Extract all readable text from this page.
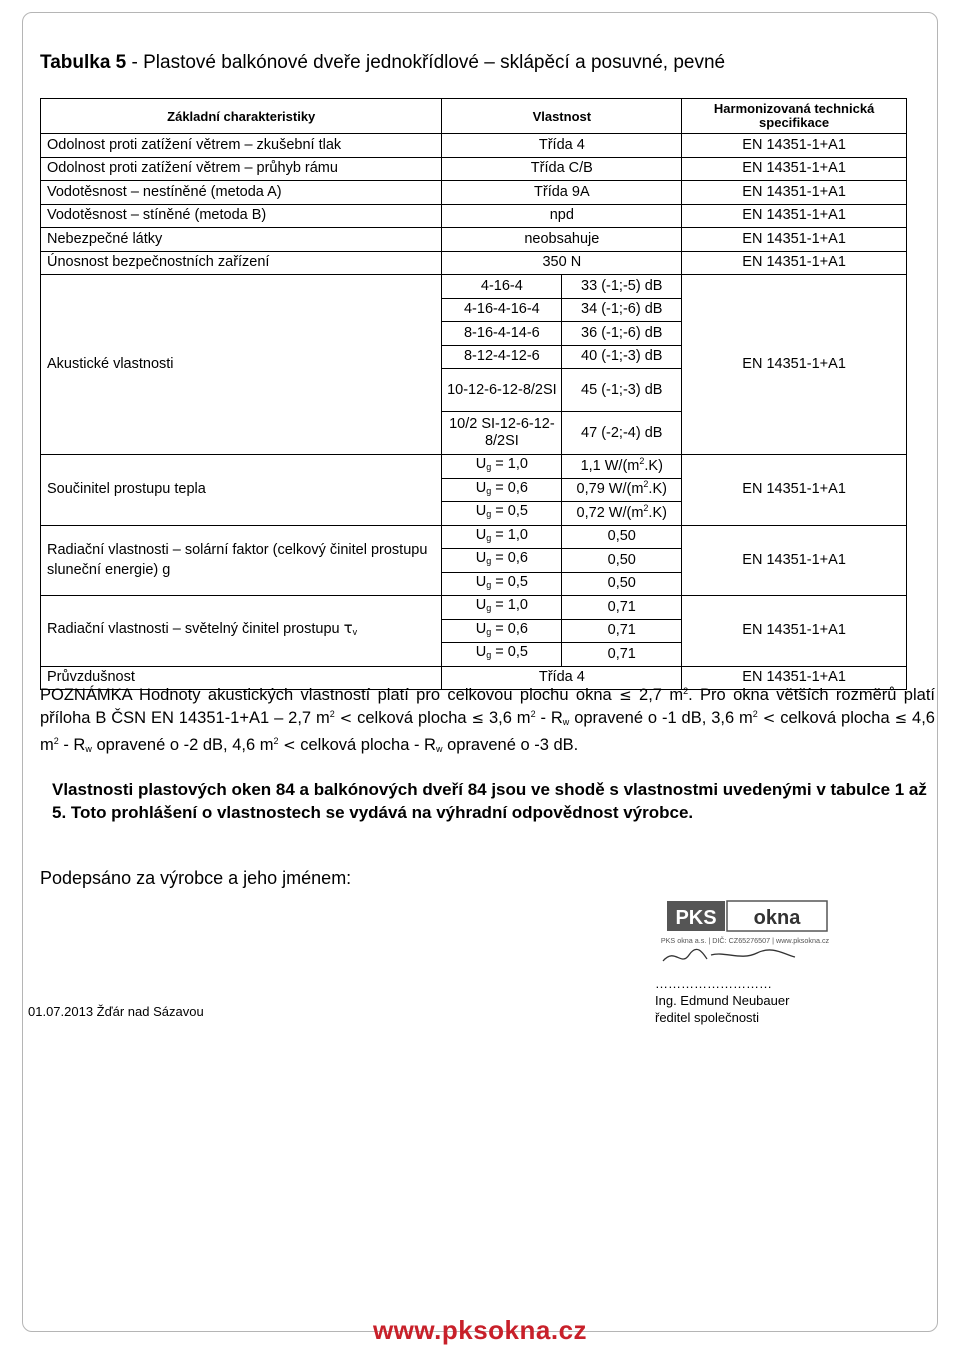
Tabulka 5 - Plastové balkónové dveře jednokřídlové – sklápěcí a posuvné, pevné
Základní charakteristiky	Vlastnost		Harmonizovaná technická specifikace
Odolnost proti zatížení větrem – zkušební tlak	Třída 4		EN 14351-1+A1
Odolnost proti zatížení větrem – průhyb rámu	Třída C/B		EN 14351-1+A1
Vodotěsnost – nestíněné (metoda A)	Třída 9A		EN 14351-1+A1
Vodotěsnost – stíněné (metoda B)	npd		EN 14351-1+A1
Nebezpečné látky	neobsahuje		EN 14351-1+A1
Únosnost bezpečnostních zařízení	350 N		EN 14351-1+A1
Akustické vlastnosti	4-16-4	33 (-1;-5) dB	EN 14351-1+A1
	4-16-4-16-4	34 (-1;-6) dB	
	8-16-4-14-6	36 (-1;-6) dB	
	8-12-4-12-6	40 (-1;-3) dB	
	10-12-6-12-8/2SI	45 (-1;-3) dB	
	10/2 SI-12-6-12-8/2SI	47 (-2;-4) dB	
Součinitel prostupu tepla	$U_g = 1,0$	1,1 $W/(m^2.K)$	EN 14351-1+A1
	$U_g = 0,6$	0,79 $W/(m^2.K)$	
	$U_g = 0,5$	0,72 $W/(m^2.K)$	
Radiační vlastnosti – solární faktor (celkový činitel prostupu sluneční energie) g	$U_g = 1,0$	0,50	EN 14351-1+A1
	$U_g = 0,6$	0,50	
	$U_g = 0,5$	0,50	
Radiační vlastnosti – světelný činitel prostupu $\tau_v$	$U_g = 1,0$	0,71	EN 14351-1+A1
	$U_g = 0,6$	0,71	
	$U_g = 0,5$	0,71	
Průvzdušnost	Třída 4		EN 14351-1+A1
POZNÁMKA Hodnoty akustických vlastností platí pro celkovou plochu okna ≤ 2,7 $m^2$. Pro okna větších rozměrů platí příloha B ČSN EN 14351-1+A1 – 2,7 $m^2$ < celková plocha ≤ 3,6 $m^2 - R_w$ opravené o -1 dB, 3,6 $m^2$ < celková plocha ≤ 4,6 $m^2 - R_w$ opravené o -2 dB, 4,6 $m^2$ < celková plocha - $R_w$ opravené o -3 dB.
Vlastnosti plastových oken 84 a balkónových dveří 84 jsou ve shodě s vlastnostmi uvedenými v tabulce 1 až 5. Toto prohlášení o vlastnostech se vydává na výhradní odpovědnost výrobce.
Podepsáno za výrobce a jeho jménem:
PKS okna
PKS okna a.s. | DIČ: CZ65276507 | www.pksokna.cz
01.07.2013 Žďár nad Sázavou
………………………
Ing. Edmund Neubauer
ředitel společnosti
www.pksokna.cz
